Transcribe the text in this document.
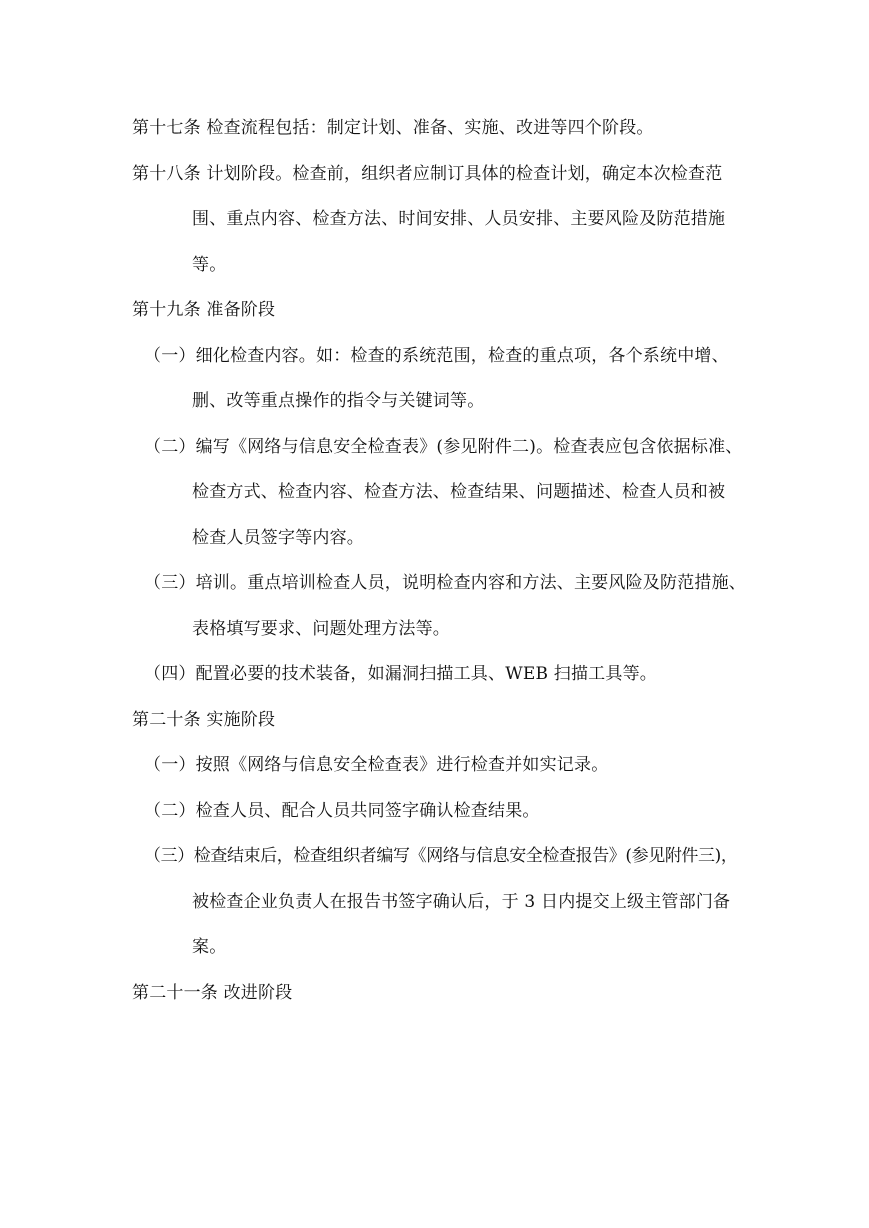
第十七条 检查流程包括：制定计划、准备、实施、改进等四个阶段。
第十八条 计划阶段。检查前，组织者应制订具体的检查计划，确定本次检查范
围、重点内容、检查方法、时间安排、人员安排、主要风险及防范措施
等。
第十九条 准备阶段
（一）细化检查内容。如：检查的系统范围，检查的重点项，各个系统中增、
删、改等重点操作的指令与关键词等。
（二）编写《网络与信息安全检查表》(参见附件二)。检查表应包含依据标准、
检查方式、检查内容、检查方法、检查结果、问题描述、检查人员和被
检查人员签字等内容。
（三）培训。重点培训检查人员，说明检查内容和方法、主要风险及防范措施、
表格填写要求、问题处理方法等。
（四）配置必要的技术装备，如漏洞扫描工具、WEB 扫描工具等。
第二十条 实施阶段
（一）按照《网络与信息安全检查表》进行检查并如实记录。
（二）检查人员、配合人员共同签字确认检查结果。
（三）检查结束后，检查组织者编写《网络与信息安全检查报告》(参见附件三)，
被检查企业负责人在报告书签字确认后，于 3 日内提交上级主管部门备
案。
第二十一条 改进阶段
